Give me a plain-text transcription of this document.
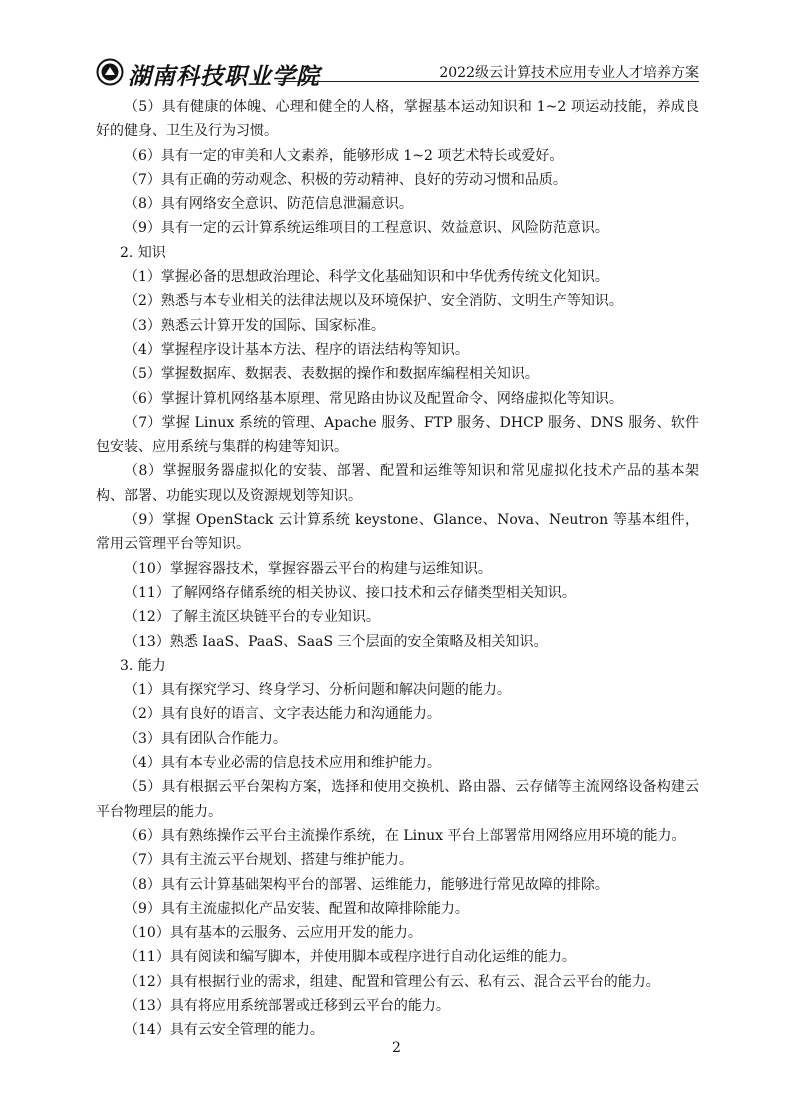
湖南科技职业学院	2022级云计算技术应用专业人才培养方案

（5）具有健康的体魄、心理和健全的人格，掌握基本运动知识和 1~2 项运动技能，养成良好的健身、卫生及行为习惯。

（6）具有一定的审美和人文素养，能够形成 1~2 项艺术特长或爱好。

（7）具有正确的劳动观念、积极的劳动精神、良好的劳动习惯和品质。

（8）具有网络安全意识、防范信息泄漏意识。

（9）具有一定的云计算系统运维项目的工程意识、效益意识、风险防范意识。

2. 知识

（1）掌握必备的思想政治理论、科学文化基础知识和中华优秀传统文化知识。

（2）熟悉与本专业相关的法律法规以及环境保护、安全消防、文明生产等知识。

（3）熟悉云计算开发的国际、国家标准。

（4）掌握程序设计基本方法、程序的语法结构等知识。

（5）掌握数据库、数据表、表数据的操作和数据库编程相关知识。

（6）掌握计算机网络基本原理、常见路由协议及配置命令、网络虚拟化等知识。

（7）掌握 Linux 系统的管理、Apache 服务、FTP 服务、DHCP 服务、DNS 服务、软件包安装、应用系统与集群的构建等知识。

（8）掌握服务器虚拟化的安装、部署、配置和运维等知识和常见虚拟化技术产品的基本架构、部署、功能实现以及资源规划等知识。

（9）掌握 OpenStack 云计算系统 keystone、Glance、Nova、Neutron 等基本组件，常用云管理平台等知识。

（10）掌握容器技术，掌握容器云平台的构建与运维知识。

（11）了解网络存储系统的相关协议、接口技术和云存储类型相关知识。

（12）了解主流区块链平台的专业知识。

（13）熟悉 IaaS、PaaS、SaaS 三个层面的安全策略及相关知识。

3. 能力

（1）具有探究学习、终身学习、分析问题和解决问题的能力。

（2）具有良好的语言、文字表达能力和沟通能力。

（3）具有团队合作能力。

（4）具有本专业必需的信息技术应用和维护能力。

（5）具有根据云平台架构方案，选择和使用交换机、路由器、云存储等主流网络设备构建云平台物理层的能力。

（6）具有熟练操作云平台主流操作系统，在 Linux 平台上部署常用网络应用环境的能力。

（7）具有主流云平台规划、搭建与维护能力。

（8）具有云计算基础架构平台的部署、运维能力，能够进行常见故障的排除。

（9）具有主流虚拟化产品安装、配置和故障排除能力。

（10）具有基本的云服务、云应用开发的能力。

（11）具有阅读和编写脚本，并使用脚本或程序进行自动化运维的能力。

（12）具有根据行业的需求，组建、配置和管理公有云、私有云、混合云平台的能力。

（13）具有将应用系统部署或迁移到云平台的能力。

（14）具有云安全管理的能力。

2
